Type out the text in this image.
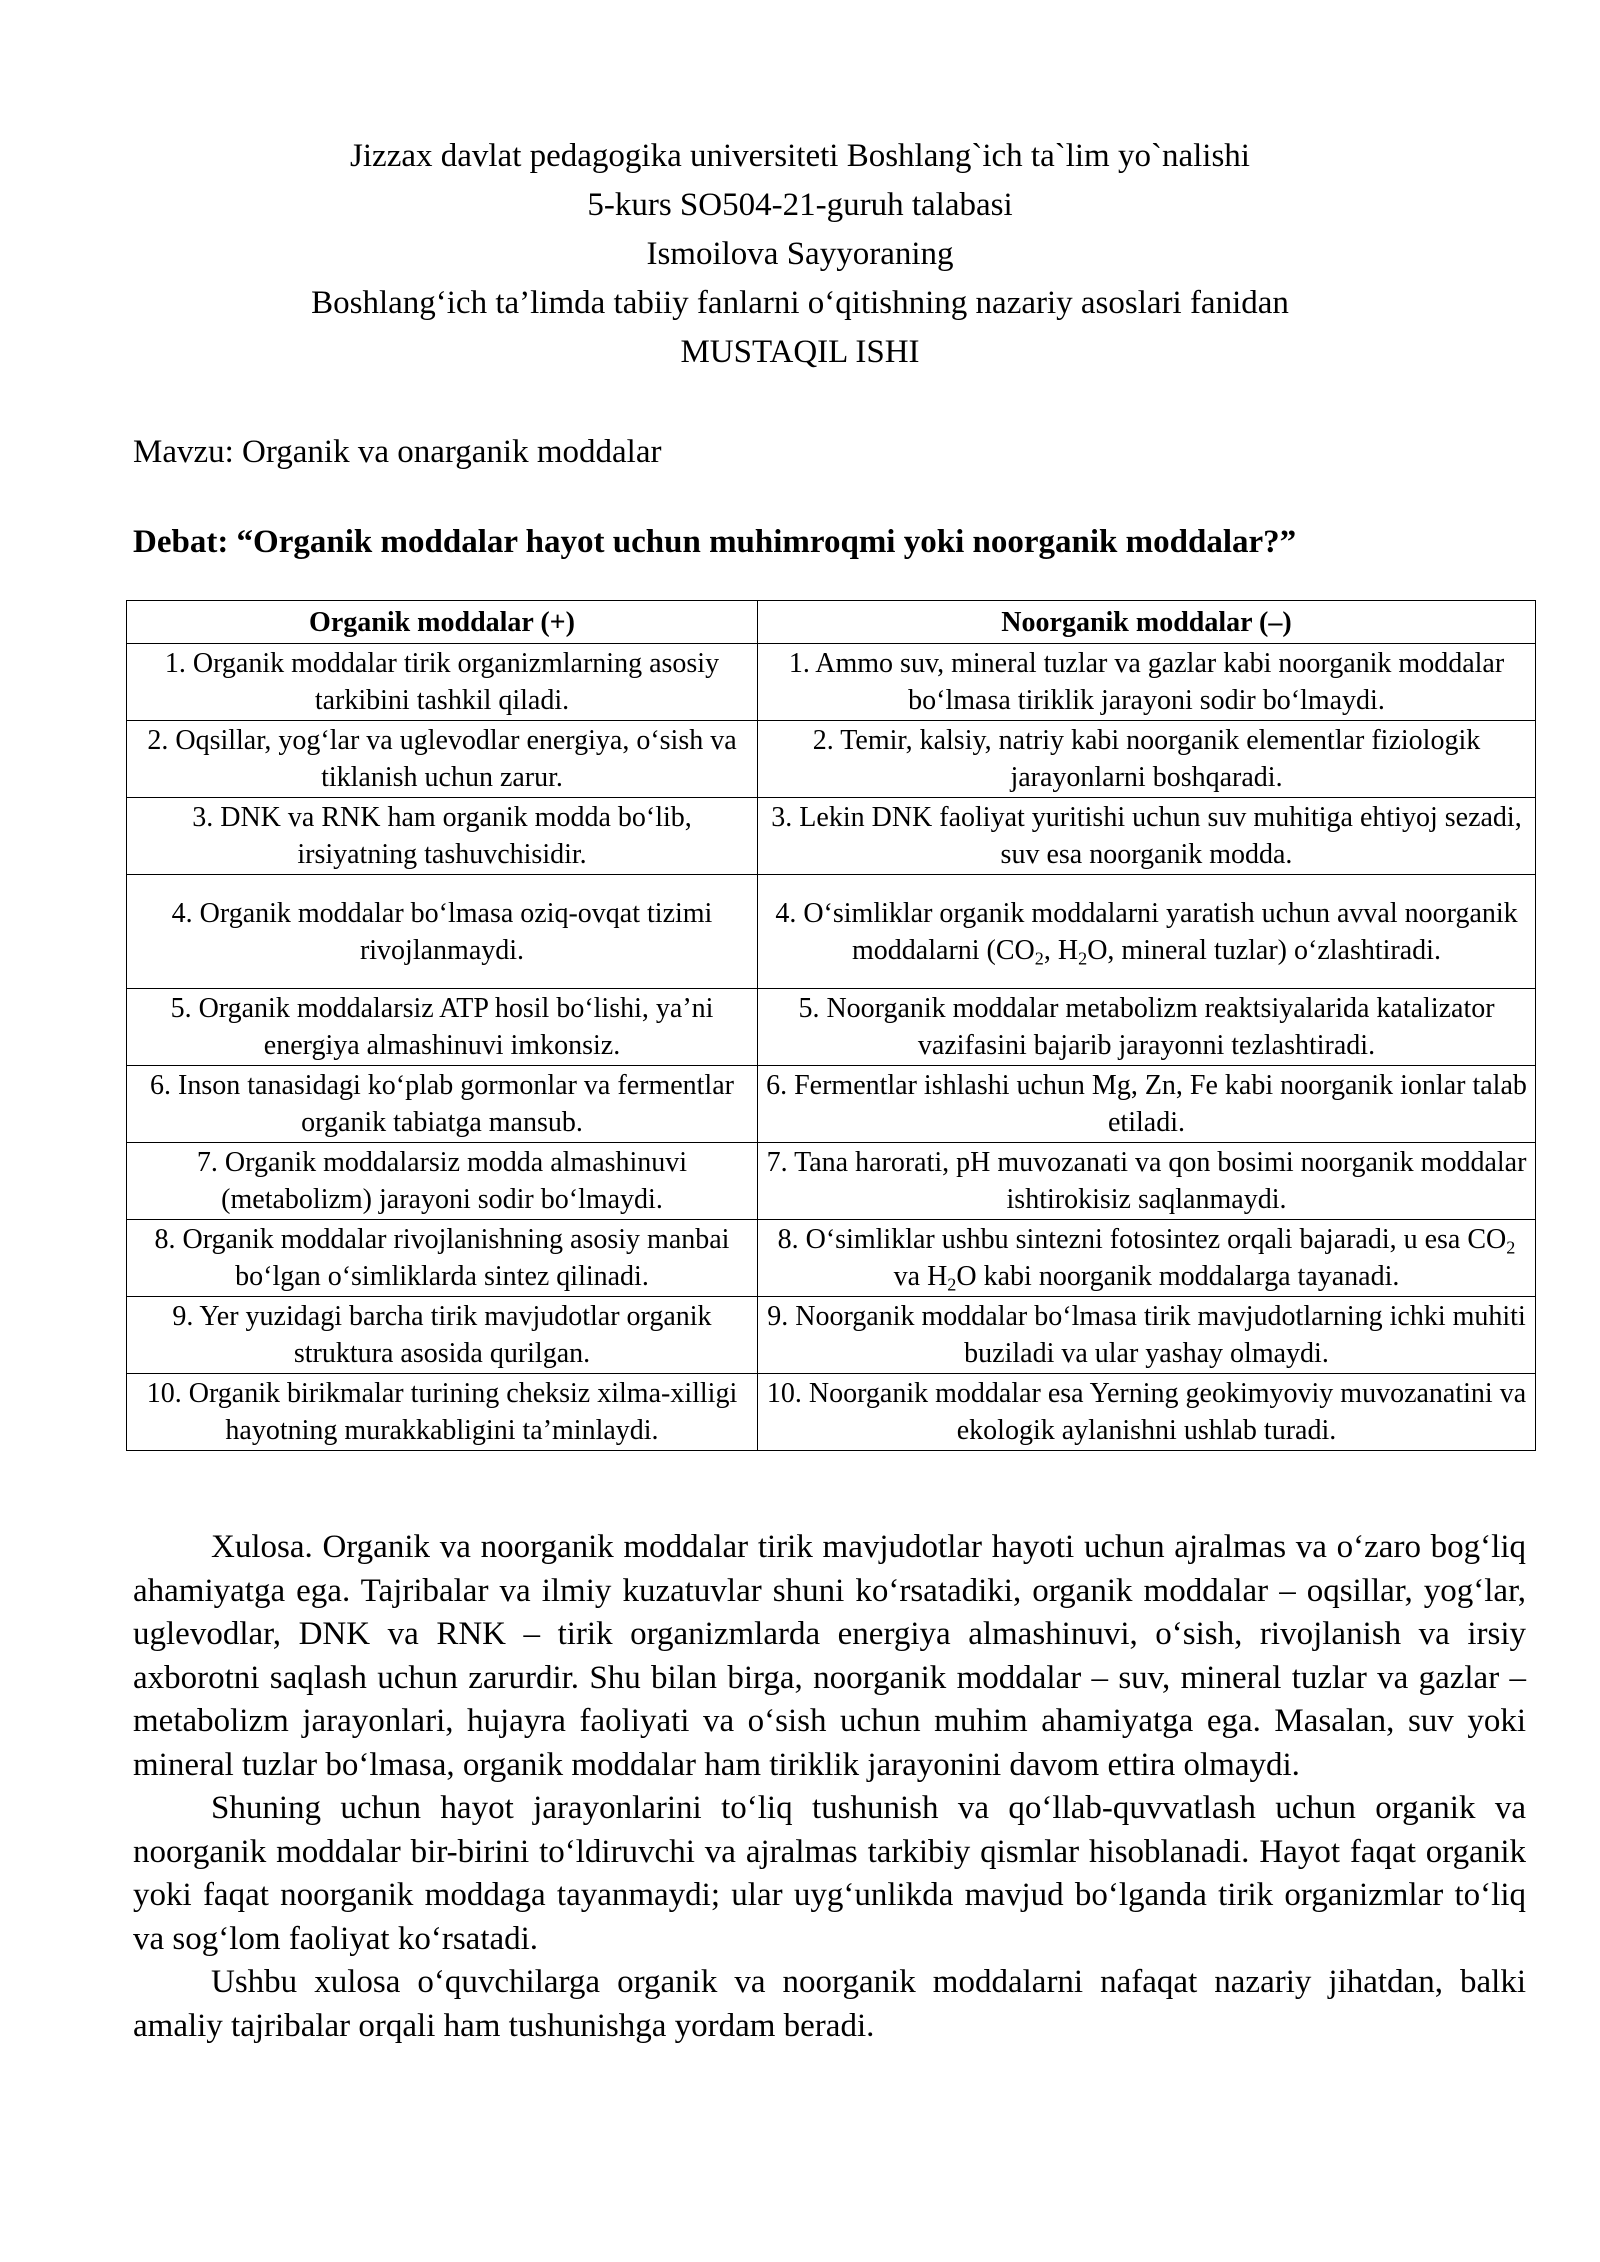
Jizzax davlat pedagogika universiteti Boshlang`ich ta`lim yo`nalishi
5-kurs SO504-21-guruh talabasi
Ismoilova Sayyoraning
Boshlang‘ich ta’limda tabiiy fanlarni o‘qitishning nazariy asoslari fanidan
MUSTAQIL ISHI
Mavzu: Organik va onarganik moddalar
Debat: “Organik moddalar hayot uchun muhimroqmi yoki noorganik moddalar?”
Organik moddalar (+)	Noorganik moddalar (–)
1. Organik moddalar tirik organizmlarning asosiy tarkibini tashkil qiladi.	1. Ammo suv, mineral tuzlar va gazlar kabi noorganik moddalar bo‘lmasa tiriklik jarayoni sodir bo‘lmaydi.
2. Oqsillar, yog‘lar va uglevodlar energiya, o‘sish va tiklanish uchun zarur.	2. Temir, kalsiy, natriy kabi noorganik elementlar fiziologik jarayonlarni boshqaradi.
3. DNK va RNK ham organik modda bo‘lib, irsiyatning tashuvchisidir.	3. Lekin DNK faoliyat yuritishi uchun suv muhitiga ehtiyoj sezadi, suv esa noorganik modda.
4. Organik moddalar bo‘lmasa oziq-ovqat tizimi rivojlanmaydi.	4. O‘simliklar organik moddalarni yaratish uchun avval noorganik moddalarni ($CO_2$, $H_2O$, mineral tuzlar) o‘zlashtiradi.
5. Organik moddalarsiz ATP hosil bo‘lishi, ya’ni energiya almashinuvi imkonsiz.	5. Noorganik moddalar metabolizm reaktsiyalarida katalizator vazifasini bajarib jarayonni tezlashtiradi.
6. Inson tanasidagi ko‘plab gormonlar va fermentlar organik tabiatga mansub.	6. Fermentlar ishlashi uchun Mg, Zn, Fe kabi noorganik ionlar talab etiladi.
7. Organik moddalarsiz modda almashinuvi (metabolizm) jarayoni sodir bo‘lmaydi.	7. Tana harorati, pH muvozanati va qon bosimi noorganik moddalar ishtirokisiz saqlanmaydi.
8. Organik moddalar rivojlanishning asosiy manbai bo‘lgan o‘simliklarda sintez qilinadi.	8. O‘simliklar ushbu sintezni fotosintez orqali bajaradi, u esa $CO_2$ va $H_2O$ kabi noorganik moddalarga tayanadi.
9. Yer yuzidagi barcha tirik mavjudotlar organik struktura asosida qurilgan.	9. Noorganik moddalar bo‘lmasa tirik mavjudotlarning ichki muhiti buziladi va ular yashay olmaydi.
10. Organik birikmalar turining cheksiz xilma-xilligi hayotning murakkabligini ta’minlaydi.	10. Noorganik moddalar esa Yerning geokimyoviy muvozanatini va ekologik aylanishni ushlab turadi.

Xulosa. Organik va noorganik moddalar tirik mavjudotlar hayoti uchun ajralmas va o‘zaro bog‘liq ahamiyatga ega. Tajribalar va ilmiy kuzatuvlar shuni ko‘rsatadiki, organik moddalar – oqsillar, yog‘lar, uglevodlar, DNK va RNK – tirik organizmlarda energiya almashinuvi, o‘sish, rivojlanish va irsiy axborotni saqlash uchun zarurdir. Shu bilan birga, noorganik moddalar – suv, mineral tuzlar va gazlar – metabolizm jarayonlari, hujayra faoliyati va o‘sish uchun muhim ahamiyatga ega. Masalan, suv yoki mineral tuzlar bo‘lmasa, organik moddalar ham tiriklik jarayonini davom ettira olmaydi.

Shuning uchun hayot jarayonlarini to‘liq tushunish va qo‘llab-quvvatlash uchun organik va noorganik moddalar bir-birini to‘ldiruvchi va ajralmas tarkibiy qismlar hisoblanadi. Hayot faqat organik yoki faqat noorganik moddaga tayanmaydi; ular uyg‘unlikda mavjud bo‘lganda tirik organizmlar to‘liq va sog‘lom faoliyat ko‘rsatadi.

Ushbu xulosa o‘quvchilarga organik va noorganik moddalarni nafaqat nazariy jihatdan, balki amaliy tajribalar orqali ham tushunishga yordam beradi.
